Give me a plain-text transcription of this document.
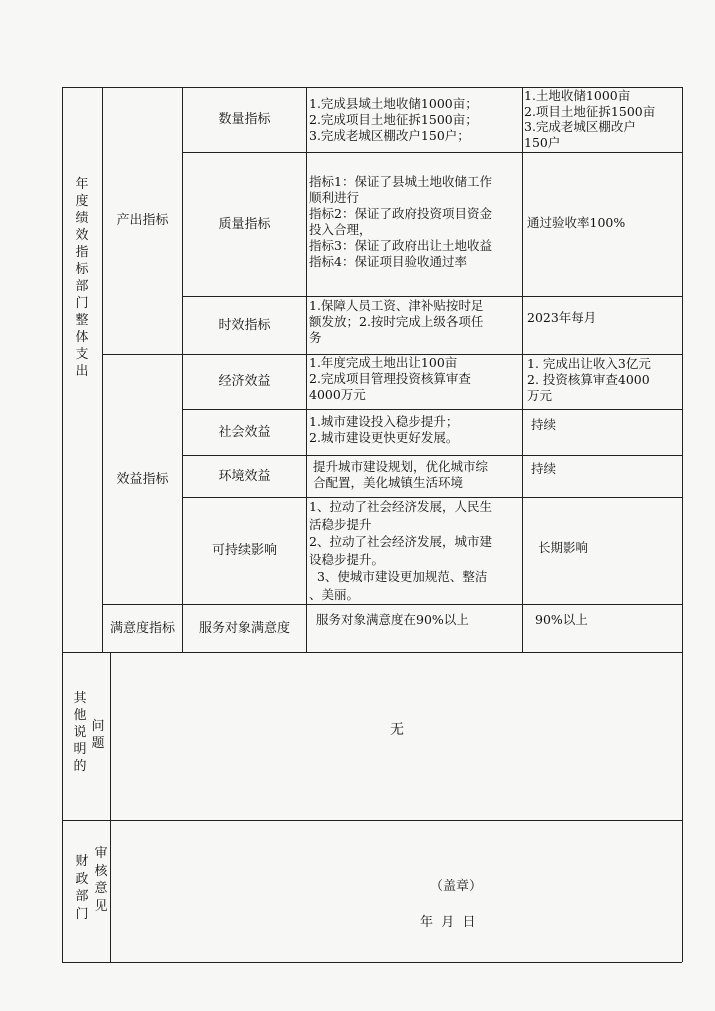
年度绩效指标部门整体支出
产出指标
效益指标
满意度指标
数量指标
1.完成县域土地收储1000亩；
2.完成项目土地征拆1500亩；
3.完成老城区棚改户150户；
1.土地收储1000亩
2.项目土地征拆1500亩
3.完成老城区棚改户
150户
质量指标
指标1：保证了县城土地收储工作
顺利进行
指标2：保证了政府投资项目资金
投入合理，
指标3：保证了政府出让土地收益
指标4：保证项目验收通过率
通过验收率100%
时效指标
1.保障人员工资、津补贴按时足
额发放；2.按时完成上级各项任
务
2023年每月
经济效益
1.年度完成土地出让100亩
2.完成项目管理投资核算审查
4000万元
1. 完成出让收入3亿元
2. 投资核算审查4000
万元
社会效益
1.城市建设投入稳步提升；
2.城市建设更快更好发展。
持续
环境效益
提升城市建设规划，优化城市综
合配置，美化城镇生活环境
持续
可持续影响
1、拉动了社会经济发展，人民生
活稳步提升
2、拉动了社会经济发展，城市建
设稳步提升。
3、使城市建设更加规范、整洁
、美丽。
长期影响
服务对象满意度
服务对象满意度在90%以上	90%以上
其他说明的
问题
无
财政部门
审核意见
（盖章）
年  月  日
